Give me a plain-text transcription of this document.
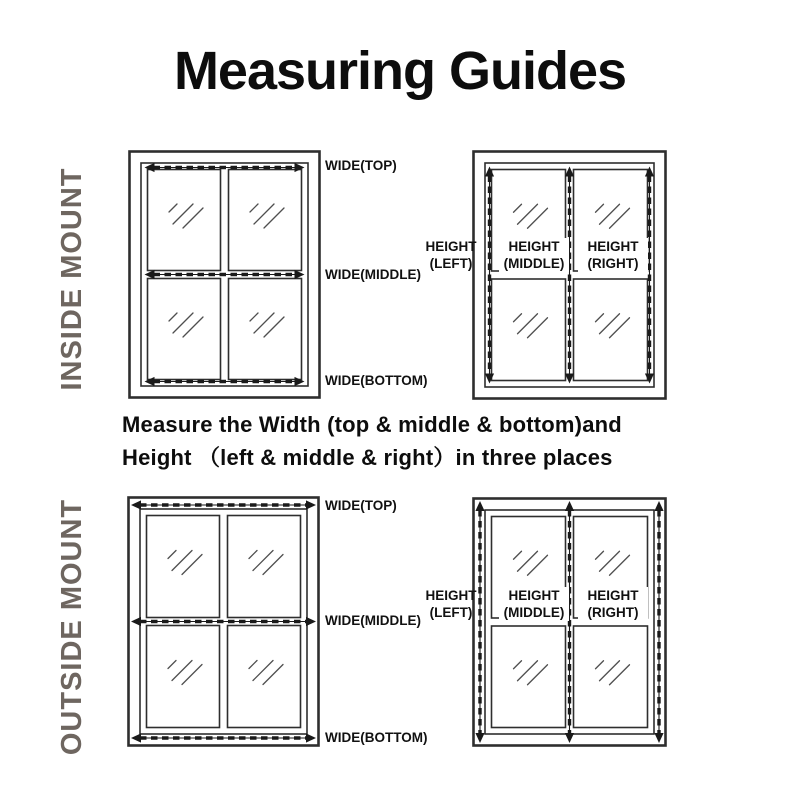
Measuring Guides
INSIDE MOUNT
OUTSIDE MOUNT
WIDE(TOP)
WIDE(MIDDLE)
WIDE(BOTTOM)
HEIGHT
(LEFT)
HEIGHT
(MIDDLE)
HEIGHT
(RIGHT)
Measure the Width (top & middle & bottom)and
Height （left & middle & right）in three places
WIDE(TOP)
WIDE(MIDDLE)
WIDE(BOTTOM)
HEIGHT
(LEFT)
HEIGHT
(MIDDLE)
HEIGHT
(RIGHT)
